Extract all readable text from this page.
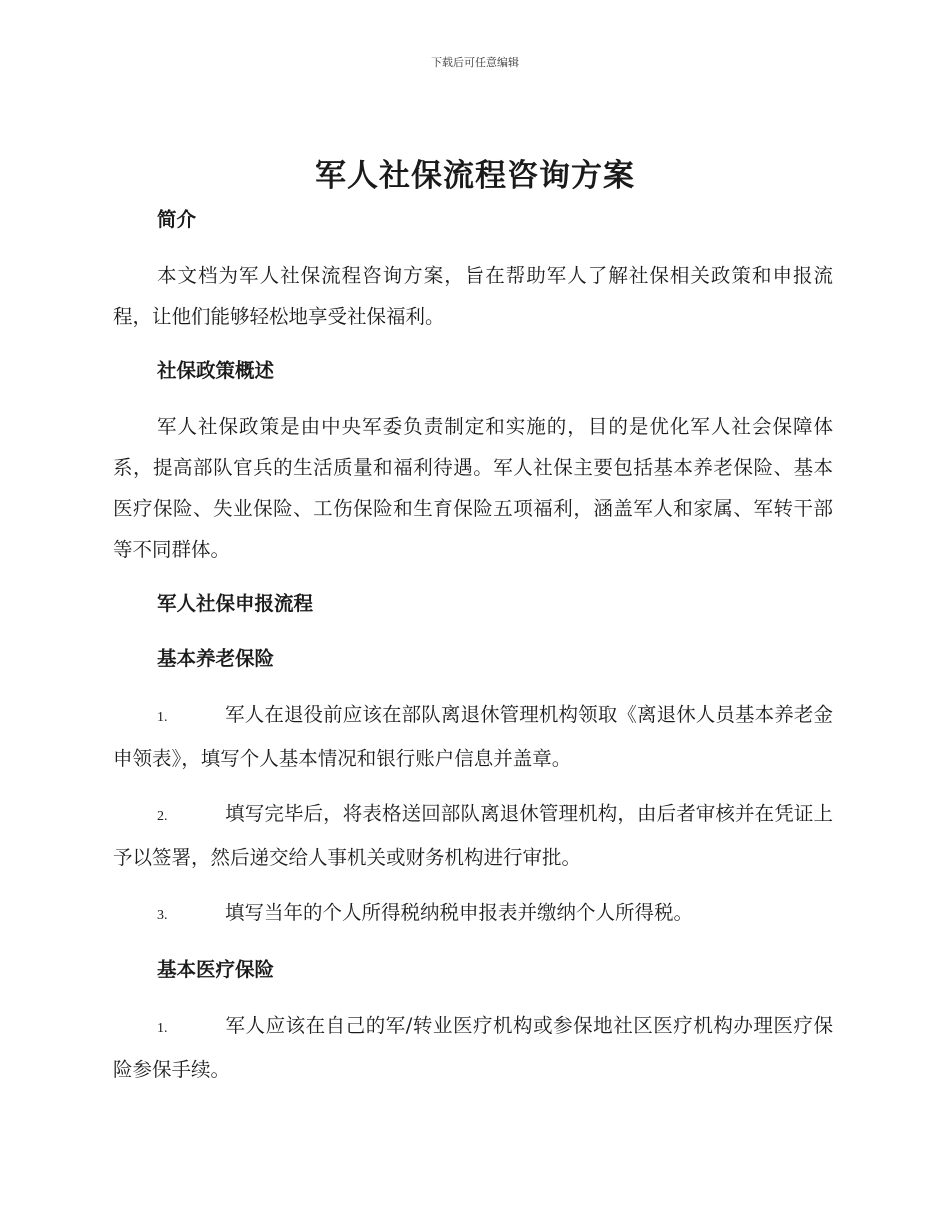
下载后可任意编辑
军人社保流程咨询方案
简介

本文档为军人社保流程咨询方案，旨在帮助军人了解社保相关政策和申报流程，让他们能够轻松地享受社保福利。

社保政策概述

军人社保政策是由中央军委负责制定和实施的，目的是优化军人社会保障体系，提高部队官兵的生活质量和福利待遇。军人社保主要包括基本养老保险、基本医疗保险、失业保险、工伤保险和生育保险五项福利，涵盖军人和家属、军转干部等不同群体。

军人社保申报流程
基本养老保险

1.	军人在退役前应该在部队离退休管理机构领取《离退休人员基本养老金申领表》，填写个人基本情况和银行账户信息并盖章。

2.	填写完毕后，将表格送回部队离退休管理机构，由后者审核并在凭证上予以签署，然后递交给人事机关或财务机构进行审批。

3.	填写当年的个人所得税纳税申报表并缴纳个人所得税。

基本医疗保险

1.	军人应该在自己的军/转业医疗机构或参保地社区医疗机构办理医疗保险参保手续。
